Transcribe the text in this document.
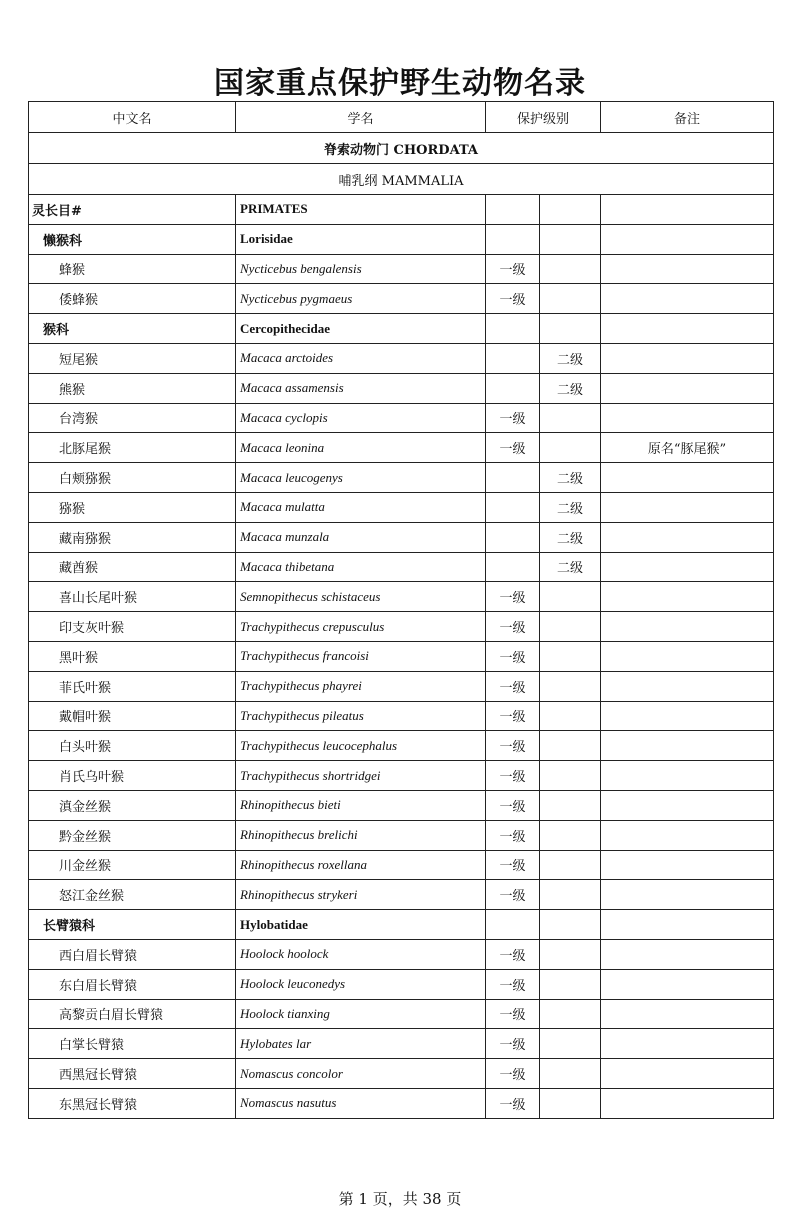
国家重点保护野生动物名录
中文名	学名	保护级别		备注
脊索动物门 CHORDATA				
哺乳纲 MAMMALIA				
灵长目#	PRIMATES			
懒猴科	Lorisidae			
蜂猴	Nycticebus bengalensis	一级		
倭蜂猴	Nycticebus pygmaeus	一级		
猴科	Cercopithecidae			
短尾猴	Macaca arctoides		二级	
熊猴	Macaca assamensis		二级	
台湾猴	Macaca cyclopis	一级		
北豚尾猴	Macaca leonina	一级		原名“豚尾猴”
白颊猕猴	Macaca leucogenys		二级	
猕猴	Macaca mulatta		二级	
藏南猕猴	Macaca munzala		二级	
藏酋猴	Macaca thibetana		二级	
喜山长尾叶猴	Semnopithecus schistaceus	一级		
印支灰叶猴	Trachypithecus crepusculus	一级		
黑叶猴	Trachypithecus francoisi	一级		
菲氏叶猴	Trachypithecus phayrei	一级		
戴帽叶猴	Trachypithecus pileatus	一级		
白头叶猴	Trachypithecus leucocephalus	一级		
肖氏乌叶猴	Trachypithecus shortridgei	一级		
滇金丝猴	Rhinopithecus bieti	一级		
黔金丝猴	Rhinopithecus brelichi	一级		
川金丝猴	Rhinopithecus roxellana	一级		
怒江金丝猴	Rhinopithecus strykeri	一级		
长臂猿科	Hylobatidae			
西白眉长臂猿	Hoolock hoolock	一级		
东白眉长臂猿	Hoolock leuconedys	一级		
高黎贡白眉长臂猿	Hoolock tianxing	一级		
白掌长臂猿	Hylobates lar	一级		
西黑冠长臂猿	Nomascus concolor	一级		
东黑冠长臂猿	Nomascus nasutus	一级		
第 1 页，共 38 页
